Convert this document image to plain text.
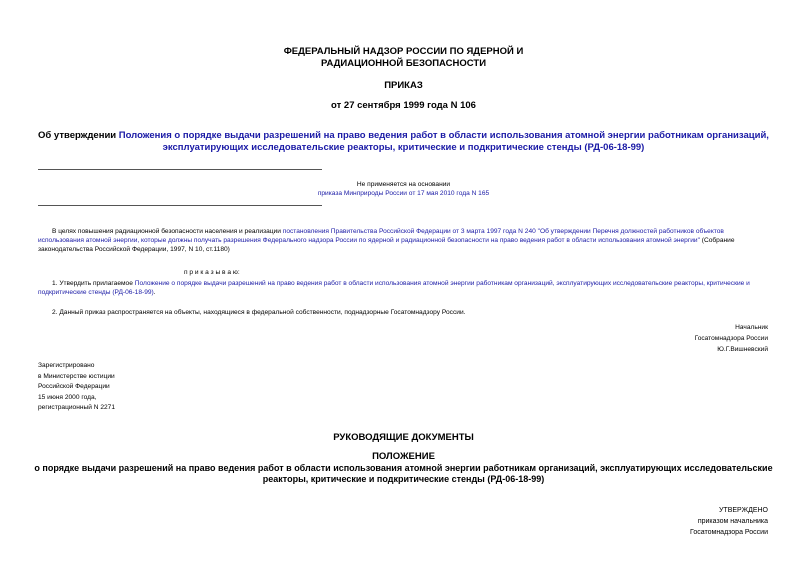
ФЕДЕРАЛЬНЫЙ НАДЗОР РОССИИ ПО ЯДЕРНОЙ И
РАДИАЦИОННОЙ БЕЗОПАСНОСТИ
ПРИКАЗ
от 27 сентября 1999 года N 106
Об утверждении Положения о порядке выдачи разрешений на право ведения работ в области использования атомной энергии работникам организаций,
эксплуатирующих исследовательские реакторы, критические и подкритические стенды (РД-06-18-99)
Не применяется на основании
приказа Минприроды России от 17 мая 2010 года N 165
В целях повышения радиационной безопасности населения и реализации постановления Правительства Российской Федерации от 3 марта 1997 года N 240 "Об утверждении Перечня должностей работников объектов использования атомной энергии, которые должны получать разрешения Федерального надзора России по ядерной и радиационной безопасности на право ведения работ в области использования атомной энергии" (Собрание законодательства Российской Федерации, 1997, N 10, ст.1180)
п р и к а з ы в а ю:
1. Утвердить прилагаемое Положение о порядке выдачи разрешений на право ведения работ в области использования атомной энергии работникам организаций, эксплуатирующих исследовательские реакторы, критические и подкритические стенды (РД-06-18-99).
2. Данный приказ распространяется на объекты, находящиеся в федеральной собственности, поднадзорные Госатомнадзору России.
Начальник
Госатомнадзора России
Ю.Г.Вишневский
Зарегистрировано
в Министерстве юстиции
Российской Федерации
15 июня 2000 года,
регистрационный N 2271
РУКОВОДЯЩИЕ ДОКУМЕНТЫ
ПОЛОЖЕНИЕ
о порядке выдачи разрешений на право ведения работ в области использования атомной энергии работникам организаций, эксплуатирующих исследовательские
реакторы, критические и подкритические стенды (РД-06-18-99)
УТВЕРЖДЕНО
приказом начальника
Госатомнадзора России
